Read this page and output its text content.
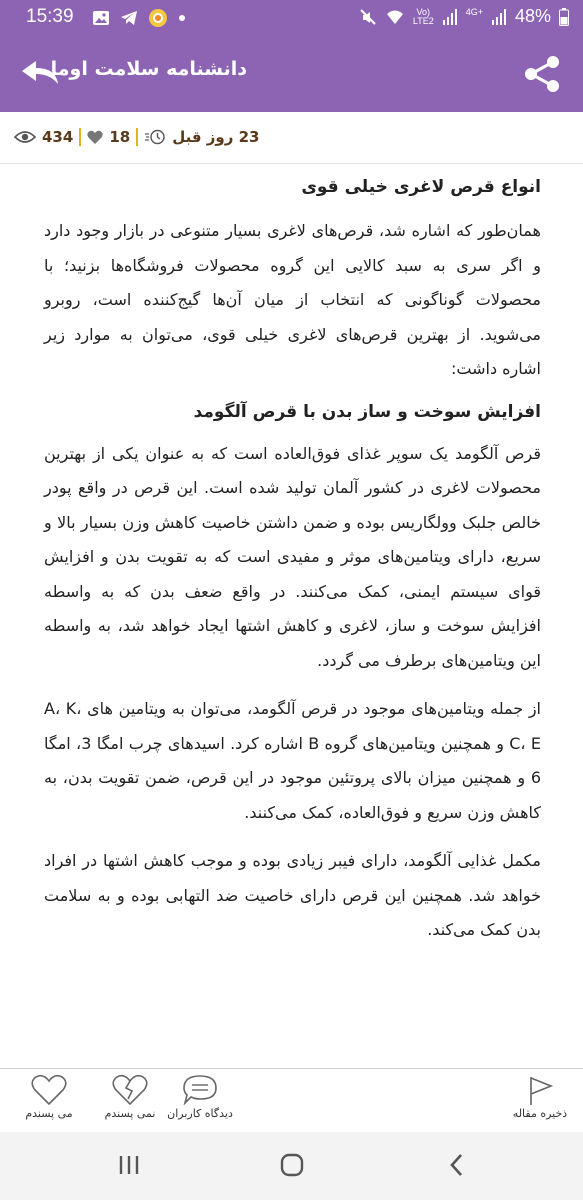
15:39	Vo)
LTE2
4G+
48%
دانشنامه سلامت اوما
434 18	23 روز قبل
انواع قرص لاغری خیلی قوی

همان‌طور که اشاره شد، قرص‌های لاغری بسیار متنوعی در بازار وجود دارد و اگر سری به سبد کالایی این گروه محصولات فروشگاه‌ها بزنید؛ با محصولات گوناگونی که انتخاب از میان آن‌ها گیج‌کننده است، روبرو می‌شوید. از بهترین قرص‌های لاغری خیلی قوی، می‌توان به موارد زیر اشاره داشت:

افزایش سوخت و ساز بدن با قرص آلگومد

قرص آلگومد یک سوپر غذای فوق‌العاده است که به عنوان یکی از بهترین محصولات لاغری در کشور آلمان تولید شده است. این قرص در واقع پودر خالص جلبک وولگاریس بوده و ضمن داشتن خاصیت کاهش وزن بسیار بالا و سریع، دارای ویتامین‌های موثر و مفیدی است که به تقویت بدن و افزایش قوای سیستم ایمنی، کمک می‌کنند. در واقع ضعف بدن که به واسطه افزایش سوخت و ساز، لاغری و کاهش اشتها ایجاد خواهد شد، به واسطه این ویتامین‌های برطرف می گردد.

از جمله ویتامین‌های موجود در قرص آلگومد، می‌توان به ویتامین های A، K، C، E و همچنین ویتامین‌های گروه B اشاره کرد. اسیدهای چرب امگا 3، امگا 6 و همچنین میزان بالای پروتئین موجود در این قرص، ضمن تقویت بدن، به کاهش وزن سریع و فوق‌العاده، کمک می‌کنند.

مکمل غذایی آلگومد، دارای فیبر زیادی بوده و موجب کاهش اشتها در افراد خواهد شد. همچنین این قرص دارای خاصیت ضد التهابی بوده و به سلامت بدن کمک می‌کند.

می پسندم	نمی پسندم	دیدگاه کاربران	ذخیره مقاله
